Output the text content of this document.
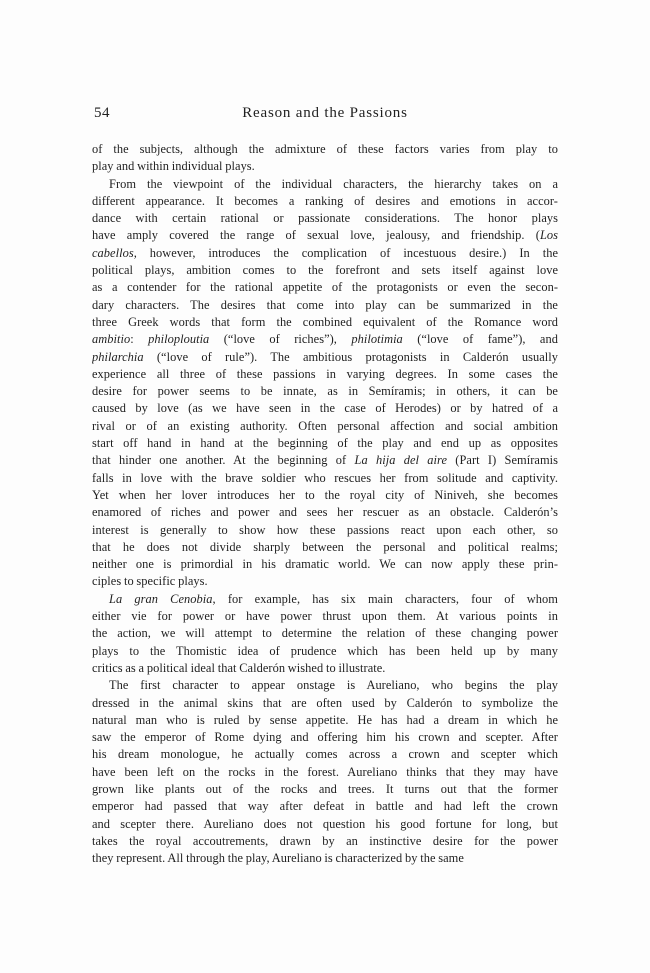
54	Reason and the Passions
of the subjects, although the admixture of these factors varies from play to
play and within individual plays.
From the viewpoint of the individual characters, the hierarchy takes on a
different appearance. It becomes a ranking of desires and emotions in accor-
dance with certain rational or passionate considerations. The honor plays
have amply covered the range of sexual love, jealousy, and friendship. (Los
cabellos, however, introduces the complication of incestuous desire.) In the
political plays, ambition comes to the forefront and sets itself against love
as a contender for the rational appetite of the protagonists or even the secon-
dary characters. The desires that come into play can be summarized in the
three Greek words that form the combined equivalent of the Romance word
ambitio: philoploutia (“love of riches”), philotimia (“love of fame”), and
philarchia (“love of rule”). The ambitious protagonists in Calderón usually
experience all three of these passions in varying degrees. In some cases the
desire for power seems to be innate, as in Semíramis; in others, it can be
caused by love (as we have seen in the case of Herodes) or by hatred of a
rival or of an existing authority. Often personal affection and social ambition
start off hand in hand at the beginning of the play and end up as opposites
that hinder one another. At the beginning of La hija del aire (Part I) Semíramis
falls in love with the brave soldier who rescues her from solitude and captivity.
Yet when her lover introduces her to the royal city of Niniveh, she becomes
enamored of riches and power and sees her rescuer as an obstacle. Calderón’s
interest is generally to show how these passions react upon each other, so
that he does not divide sharply between the personal and political realms;
neither one is primordial in his dramatic world. We can now apply these prin-
ciples to specific plays.
La gran Cenobia, for example, has six main characters, four of whom
either vie for power or have power thrust upon them. At various points in
the action, we will attempt to determine the relation of these changing power
plays to the Thomistic idea of prudence which has been held up by many
critics as a political ideal that Calderón wished to illustrate.
The first character to appear onstage is Aureliano, who begins the play
dressed in the animal skins that are often used by Calderón to symbolize the
natural man who is ruled by sense appetite. He has had a dream in which he
saw the emperor of Rome dying and offering him his crown and scepter. After
his dream monologue, he actually comes across a crown and scepter which
have been left on the rocks in the forest. Aureliano thinks that they may have
grown like plants out of the rocks and trees. It turns out that the former
emperor had passed that way after defeat in battle and had left the crown
and scepter there. Aureliano does not question his good fortune for long, but
takes the royal accoutrements, drawn by an instinctive desire for the power
they represent. All through the play, Aureliano is characterized by the same
